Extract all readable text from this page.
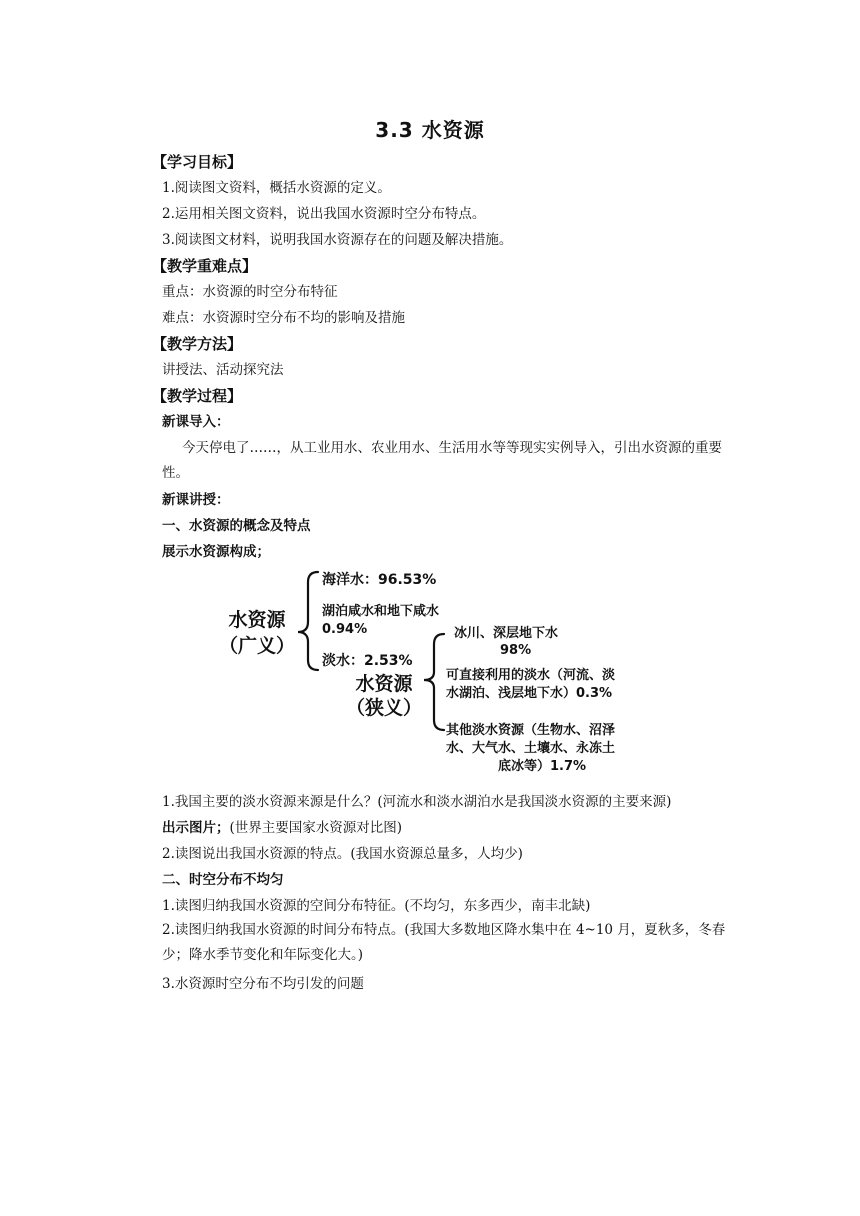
3.3 水资源
【学习目标】
1.阅读图文资料，概括水资源的定义。
2.运用相关图文资料，说出我国水资源时空分布特点。
3.阅读图文材料，说明我国水资源存在的问题及解决措施。
【教学重难点】
重点：水资源的时空分布特征
难点：水资源时空分布不均的影响及措施
【教学方法】
讲授法、活动探究法
【教学过程】
新课导入：
今天停电了……，从工业用水、农业用水、生活用水等等现实实例导入，引出水资源的重要性。
新课讲授：
一、水资源的概念及特点
展示水资源构成；
水资源
（广义）
海洋水：96.53%
湖泊咸水和地下咸水
0.94%
淡水：2.53%
水资源
（狭义）
冰川、深层地下水
98%
可直接利用的淡水（河流、淡
水湖泊、浅层地下水）0.3%
其他淡水资源（生物水、沼泽
水、大气水、土壤水、永冻土
底冰等）1.7%
1.我国主要的淡水资源来源是什么？(河流水和淡水湖泊水是我国淡水资源的主要来源)
出示图片；(世界主要国家水资源对比图)
2.读图说出我国水资源的特点。(我国水资源总量多，人均少)
二、时空分布不均匀
1.读图归纳我国水资源的空间分布特征。(不均匀，东多西少，南丰北缺)
2.读图归纳我国水资源的时间分布特点。(我国大多数地区降水集中在 4~10 月，夏秋多，冬春少；降水季节变化和年际变化大。)
3.水资源时空分布不均引发的问题
